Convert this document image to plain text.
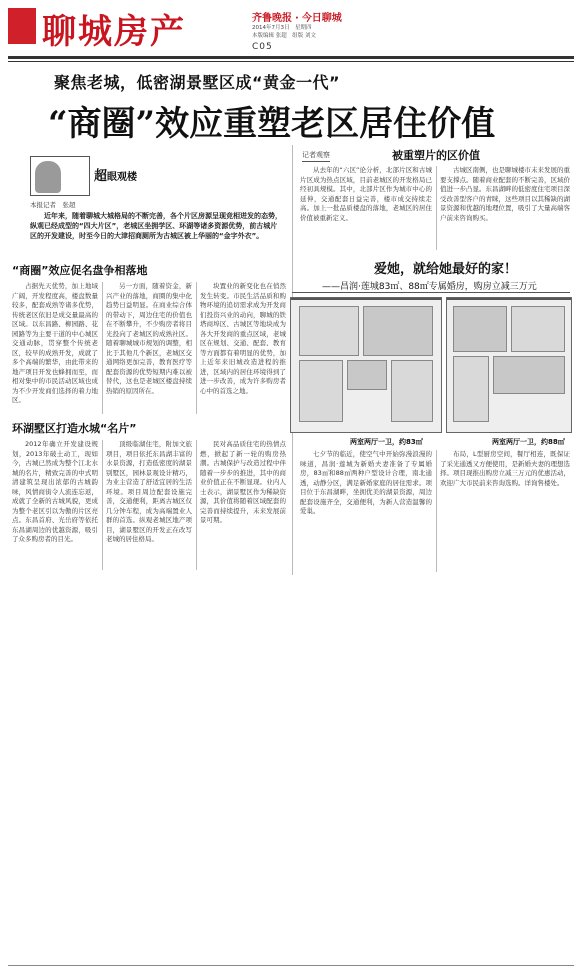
聊城房产	齐鲁晚报 · 今日聊城
2014年7月3日　星期四
本版编辑 张超　组版 刘文
C05
聚焦老城，低密湖景墅区成“黄金一代”
“商圈”效应重塑老区居住价值
超眼观楼
本报记者　张超
近年来，随着聊城大城格局的不断完善，各个片区房源呈现竞相迸发的态势，纵观已经成型的“四大片区”，老城区坐拥学区、环湖等诸多资源优势，前古城片区的开发建设，时至今日的大津招商厕所为古城区被上华丽的“金字外衣”。
“商圈”效应促名盘争相落地

占据先天优势，加上地域广阔，开发程度高，楼盘数量较多，配套成熟等诸多优势，传统老区依旧是成交量最高的区域。以东昌路、柳园路、花园路等为主要干道的中心城区交通动脉，贯穿整个传统老区，较早的成熟开发，成就了多个高端的繁华，由此带来的地产项目开发也蜂拥而至，而相对集中的市民活动区域也成为不少开发商们选择的着力地区。

另一方面，随着资金，新兴产业的落地，商圈的集中化趋势日益明显。在商业综合体的带动下，周边住宅的价值也在不断攀升，不少购房者将目光投向了老城区的成熟社区。随着聊城城市规划的调整，相比于其他几个新区，老城区交通网络更加完善，教育医疗等配套资源的优势短期内难以被替代，这也是老城区楼盘持续热销的原因所在。

块置业的新变化也在悄然发生转变。市民生活品质和购物环境的追切需求成为开发商们投资兴业的动向，聊城的铁塔商埠区、古城区等地块成为各大开发商的重点区域，老城区在规划、交通、配套、教育等方面都有着明显的优势，加上近年来旧城改造进程的推进，区域内的居住环境得到了进一步改善，成为许多购房者心中的首选之地。

环湖墅区打造水城“名片”

2012年确立开发建设规划，2013年破土动工，现如今，古城已然成为整个江北水城的名片，精致完善的中式明清建筑呈现出浓郁的古城韵味，风情商街令人流连忘返，成就了全新的古城风貌，更成为整个老区引以为傲的片区亮点。东昌首府、光岳府等依托东昌湖周边的优越资源，吸引了众多购房者的目光。

顶级临湖住宅，附加文旅项目，项目依托东昌湖丰富的水景资源，打造低密度的湖景别墅区，园林景观设计精巧，为业主营造了舒适宜居的生活环境。项目周边配套设施完善，交通便利，距离古城区仅几分钟车程，成为高端置业人群的首选。纵观老城区地产项目，湖景墅区的开发正在改写老城的居住格局。

民对高品质住宅的热情点燃，掀起了新一轮的购房热潮。古城保护与改造过程中伴随着一步步的推进，其中的商业价值正在不断显现。业内人士表示，湖景墅区作为稀缺资源，其价值将随着区域配套的完善而持续提升，未来发展前景可期。

记者观察	被重塑片的区价值

从去年的“六区”论分析，北部片区和古城片区成为热点区域，目前老城区的开发格局已经初具规模。其中，北部片区作为城市中心的延伸，交通配套日益完善，楼市成交持续走高。加上一批品质楼盘的落地，老城区的居住价值被重新定义。

古城区南侧，也是聊城楼市未来发展的重要支撑点。随着商业配套的不断完善，区域价值进一步凸显。东昌湖畔的低密度住宅项目深受改善型客户的青睐，这些项目以其稀缺的湖景资源和优越的地理位置，吸引了大量高端客户前来咨询购买。

爱她，就给她最好的家！
——昌润·莲城83㎡、88㎡专属婚房，购房立减三万元
两室两厅一卫，约83㎡	两室两厅一卫，约88㎡

七夕节的临近，使空气中开始弥漫浪漫的味道，昌润·莲城为新婚夫妻准备了专属婚房，83㎡和88㎡两种户型设计合理，南北通透，动静分区，满足新婚家庭的居住需求。项目位于东昌湖畔，坐拥优美的湖景资源，周边配套设施齐全，交通便利，为新人营造温馨的爱巢。

布局，L型厨房空间，餐厅相连，既保证了采光通透又方便使用，是新婚夫妻的理想选择。项目现推出购房立减三万元的优惠活动，欢迎广大市民前来咨询选购。详询售楼处。
